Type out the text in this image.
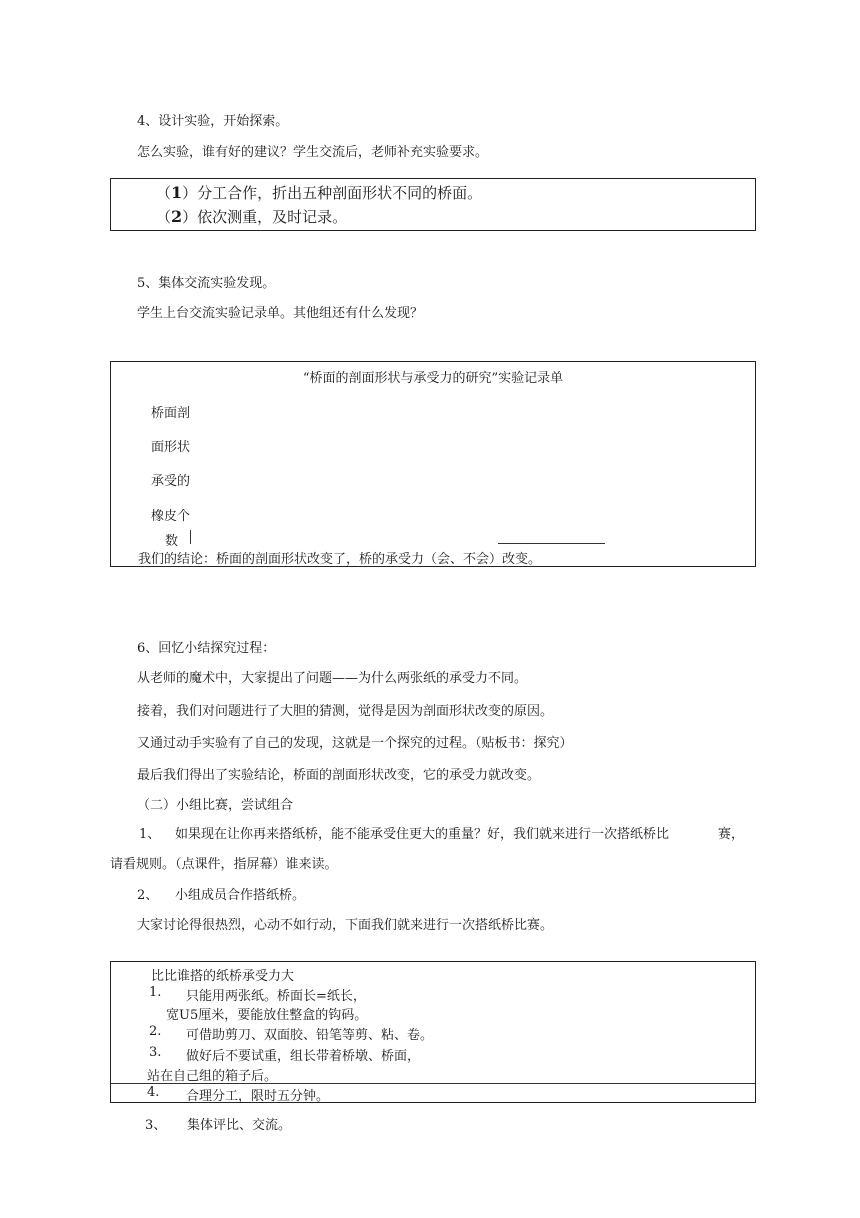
4、设计实验，开始探索。
怎么实验，谁有好的建议？学生交流后，老师补充实验要求。
（1）分工合作，折出五种剖面形状不同的桥面。
（2）依次测重，及时记录。
5、集体交流实验发现。
学生上台交流实验记录单。其他组还有什么发现？
“桥面的剖面形状与承受力的研究”实验记录单
桥面剖
面形状
承受的
橡皮个
数
我们的结论：桥面的剖面形状改变了，桥的承受力（会、不会）改变。
6、回忆小结探究过程：
从老师的魔术中，大家提出了问题——为什么两张纸的承受力不同。
接着，我们对问题进行了大胆的猜测，觉得是因为剖面形状改变的原因。
又通过动手实验有了自己的发现，这就是一个探究的过程。（贴板书：探究）
最后我们得出了实验结论，桥面的剖面形状改变，它的承受力就改变。
（二）小组比赛，尝试组合
1、 如果现在让你再来搭纸桥，能不能承受住更大的重量？好，我们就来进行一次搭纸桥比	赛，
请看规则。（点课件，指屏幕）谁来读。
2、 小组成员合作搭纸桥。
大家讨论得很热烈，心动不如行动，下面我们就来进行一次搭纸桥比赛。
比比谁搭的纸桥承受力大
1. 只能用两张纸。桥面长=纸长，
宽U5厘米，要能放住整盒的钩码。
2. 可借助剪刀、双面胶、铅笔等剪、粘、卷。
3. 做好后不要试重，组长带着桥墩、桥面，
站在自己组的箱子后。
4. 合理分工，限时五分钟。
3、 集体评比、交流。
